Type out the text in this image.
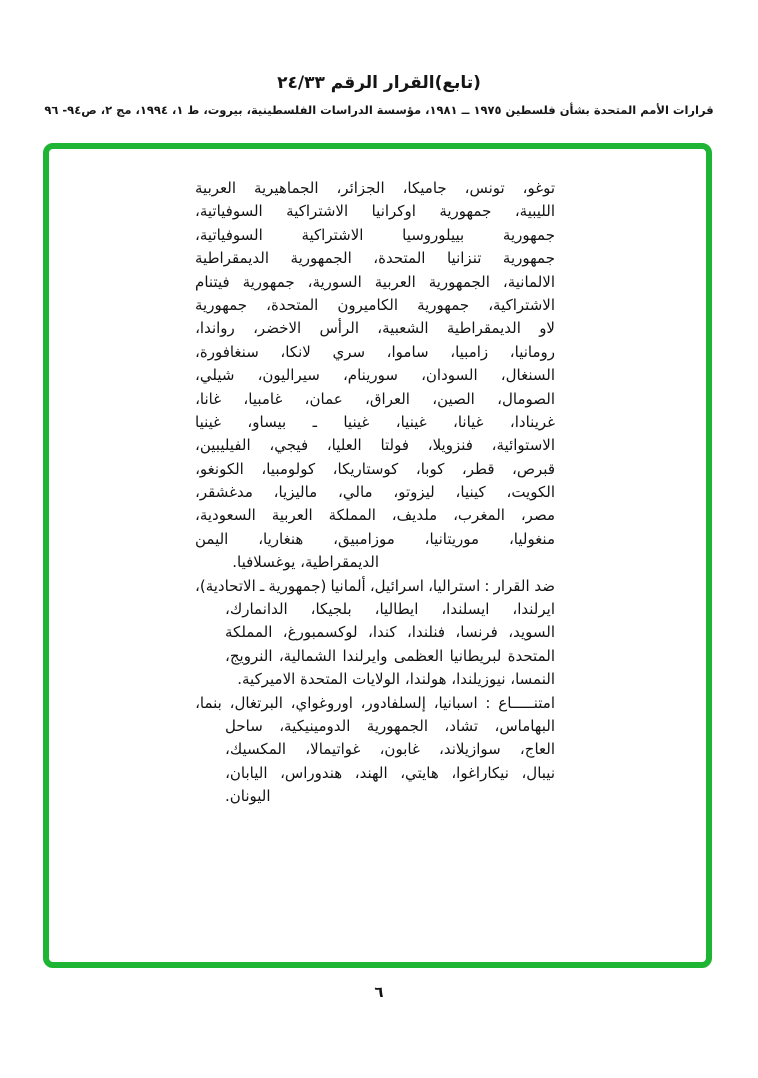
(تابع)القرار الرقم ٢٤/٣٣
قرارات الأمم المتحدة بشأن فلسطين ١٩٧٥ ــ ١٩٨١، مؤسسة الدراسات الفلسطينية، بيروت، ط ١، ١٩٩٤، مج ٢، ص٩٤- ٩٦
توغو،
تونس،
جاميكا،
الجزائر،
الجماهيرية
العربية
الليبية،
جمهورية
اوكرانيا
الاشتراكية
السوفياتية،
جمهورية
بييلوروسيا
الاشتراكية
السوفياتية،
جمهورية
تنزانيا
المتحدة،
الجمهورية
الديمقراطية
الالمانية،
الجمهورية
العربية
السورية،
جمهورية
فيتنام
الاشتراكية،
جمهورية
الكاميرون
المتحدة،
جمهورية
لاو
الديمقراطية
الشعبية،
الرأس
الاخضر،
رواندا،
رومانيا،
زامبيا،
ساموا،
سري
لانكا،
سنغافورة،
السنغال،
السودان،
سورينام،
سيراليون،
شيلي،
الصومال،
الصين،
العراق،
عمان،
غامبيا،
غانا،
غرينادا،
غيانا،
غينيا،
غينيا
ـ
بيساو،
غينيا
الاستوائية،
فنزويلا،
فولتا
العليا،
فيجي،
الفيليبين،
قبرص،
قطر،
كوبا،
كوستاريكا،
كولومبيا،
الكونغو،
الكويت،
كينيا،
ليزوتو،
مالي،
ماليزيا،
مدغشقر،
مصر،
المغرب،
ملديف،
المملكة
العربية
السعودية،
منغوليا،
موريتانيا،
موزامبيق،
هنغاريا،
اليمن
الديمقراطية، يوغسلافيا.
ضد القرار
:
استراليا،
اسرائيل،
ألمانيا
(جمهورية
ـ
الاتحادية)،
ايرلندا،
ايسلندا،
ايطاليا،
بلجيكا،
الدانمارك،
السويد،
فرنسا،
فنلندا،
كندا،
لوكسمبورغ،
المملكة
المتحدة
لبريطانيا
العظمى
وايرلندا
الشمالية،
النرويج،
النمسا، نيوزيلندا، هولندا، الولايات المتحدة الاميركية.
امتنـــــاع
:
اسبانيا،
إلسلفادور،
اوروغواي،
البرتغال،
بنما،
البهاماس،
تشاد،
الجمهورية
الدومينيكية،
ساحل
العاج،
سوازيلاند،
غابون،
غواتيمالا،
المكسيك،
نيبال،
نيكاراغوا،
هايتي،
الهند،
هندوراس،
اليابان،
اليونان.
٦
